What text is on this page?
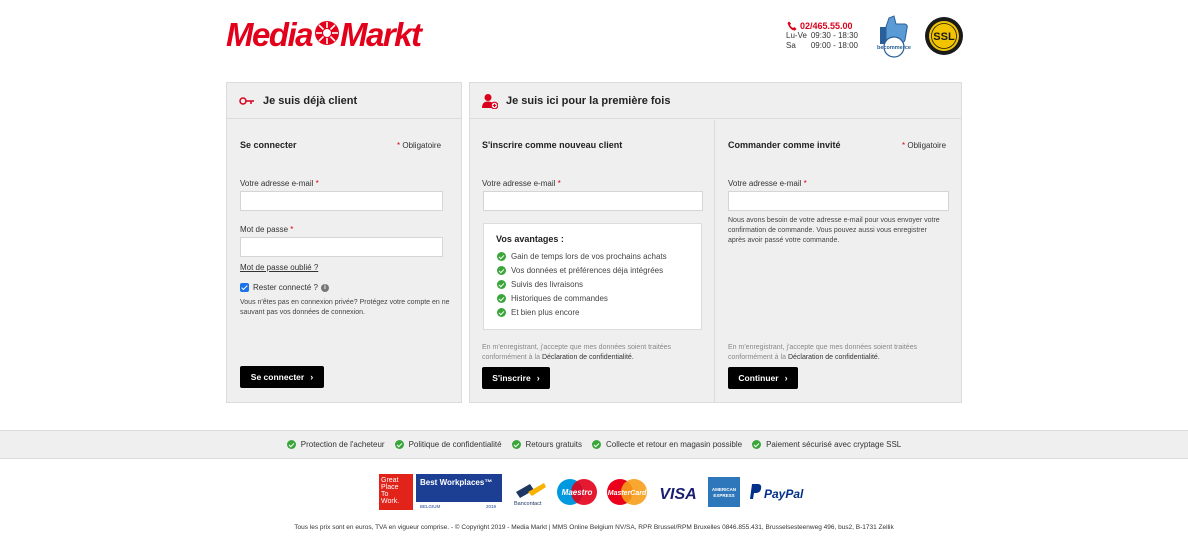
Media Markt	02/465.55.00
Lu-Ve 09:30 - 18:30
Sa 09:00 - 18:00	becommerce
SSL
Je suis déjà client
Se connecter	* Obligatoire
Votre adresse e-mail *
Mot de passe *
Mot de passe oublié ?
Rester connecté ?	i
Vous n'êtes pas en connexion privée? Protégez votre compte en ne sauvant pas vos données de connexion.
Se connecter ›
Je suis ici pour la première fois
S'inscrire comme nouveau client
Votre adresse e-mail *
Vos avantages :
Gain de temps lors de vos prochains achats
Vos données et préférences déja intégrées
Suivis des livraisons
Historiques de commandes
Et bien plus encore
En m'enregistrant, j'accepte que mes données soient traitées conformément à la Déclaration de confidentialité.
S'inscrire ›
Commander comme invité	* Obligatoire
Votre adresse e-mail *
Nous avons besoin de votre adresse e-mail pour vous envoyer votre confirmation de commande. Vous pouvez aussi vous enregistrer après avoir passé votre commande.
En m'enregistrant, j'accepte que mes données soient traitées conformément à la Déclaration de confidentialité.
Continuer ›
Protection de l'acheteur	Politique de confidentialité	Retours gratuits	Collecte et retour en magasin possible	Paiement sécurisé avec cryptage SSL
Great
Place
To
Work.
Best Workplaces™
BELGIUM	2019	Bancontact
Maestro MasterCard VISA	AMERICAN
EXPRESS PayPal
Tous les prix sont en euros, TVA en vigueur comprise. - © Copyright 2019 - Media Markt | MMS Online Belgium NV/SA, RPR Brussel/RPM Bruxelles 0846.855.431, Brusselsesteenweg 496, bus2, B-1731 Zellik
